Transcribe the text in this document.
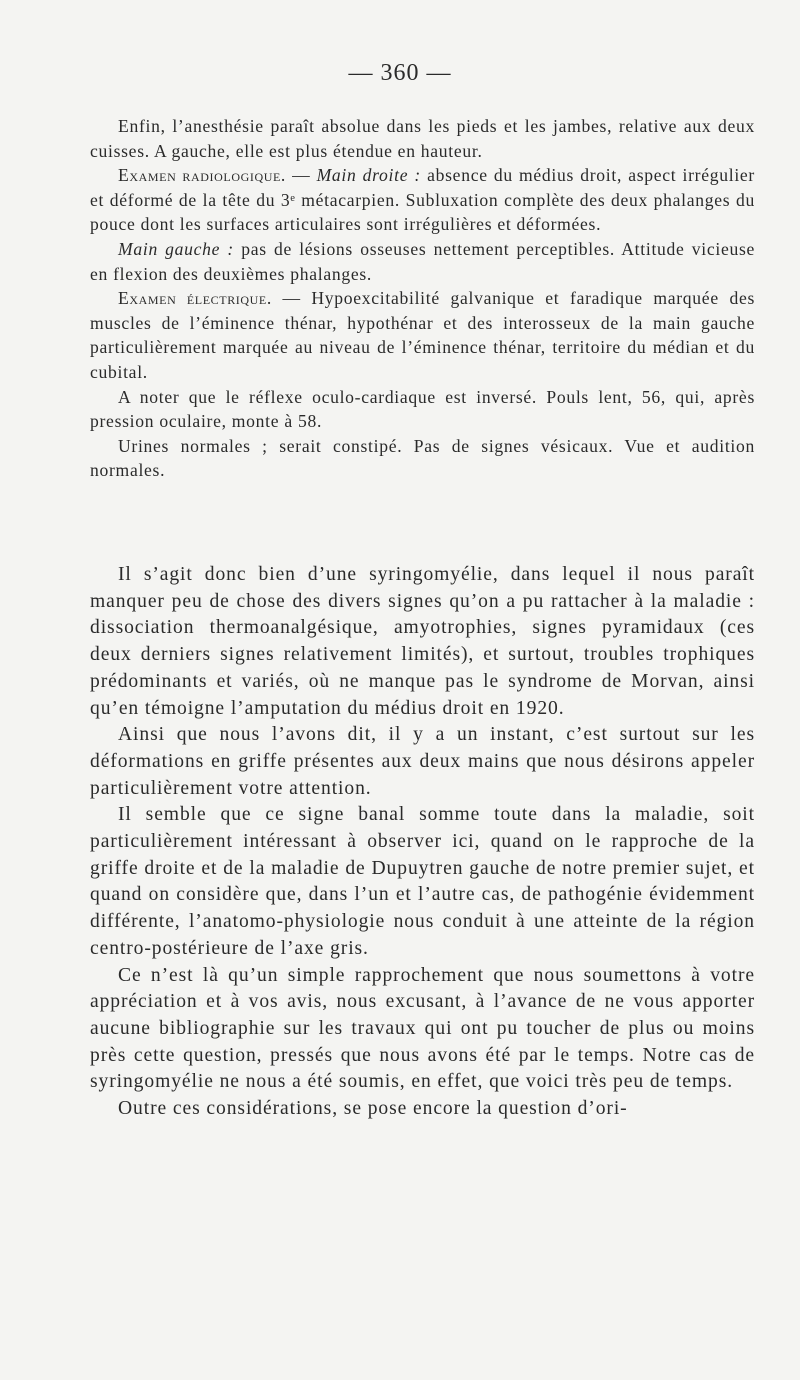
— 360 —

Enfin, l’anesthésie paraît absolue dans les pieds et les jambes, relative aux deux cuisses. A gauche, elle est plus étendue en hauteur.

Examen radiologique. — Main droite : absence du médius droit, aspect irrégulier et déformé de la tête du 3ᵉ métacarpien. Subluxation complète des deux phalanges du pouce dont les surfaces articulaires sont irrégulières et déformées.

Main gauche : pas de lésions osseuses nettement perceptibles. Attitude vicieuse en flexion des deuxièmes phalanges.

Examen électrique. — Hypoexcitabilité galvanique et faradique marquée des muscles de l’éminence thénar, hypothénar et des interosseux de la main gauche particulièrement marquée au niveau de l’éminence thénar, territoire du médian et du cubital.

A noter que le réflexe oculo-cardiaque est inversé. Pouls lent, 56, qui, après pression oculaire, monte à 58.

Urines normales ; serait constipé. Pas de signes vésicaux. Vue et audition normales.

Il s’agit donc bien d’une syringomyélie, dans lequel il nous paraît manquer peu de chose des divers signes qu’on a pu rattacher à la maladie : dissociation thermoanalgésique, amyotrophies, signes pyramidaux (ces deux derniers signes relativement limités), et surtout, troubles trophiques prédominants et variés, où ne manque pas le syndrome de Morvan, ainsi qu’en témoigne l’amputation du médius droit en 1920.

Ainsi que nous l’avons dit, il y a un instant, c’est surtout sur les déformations en griffe présentes aux deux mains que nous désirons appeler particulièrement votre attention.

Il semble que ce signe banal somme toute dans la maladie, soit particulièrement intéressant à observer ici, quand on le rapproche de la griffe droite et de la maladie de Dupuytren gauche de notre premier sujet, et quand on considère que, dans l’un et l’autre cas, de pathogénie évidemment différente, l’anatomo-physiologie nous conduit à une atteinte de la région centro-postérieure de l’axe gris.

Ce n’est là qu’un simple rapprochement que nous soumettons à votre appréciation et à vos avis, nous excusant, à l’avance de ne vous apporter aucune bibliographie sur les travaux qui ont pu toucher de plus ou moins près cette question, pressés que nous avons été par le temps. Notre cas de syringomyélie ne nous a été soumis, en effet, que voici très peu de temps.

Outre ces considérations, se pose encore la question d’ori-
